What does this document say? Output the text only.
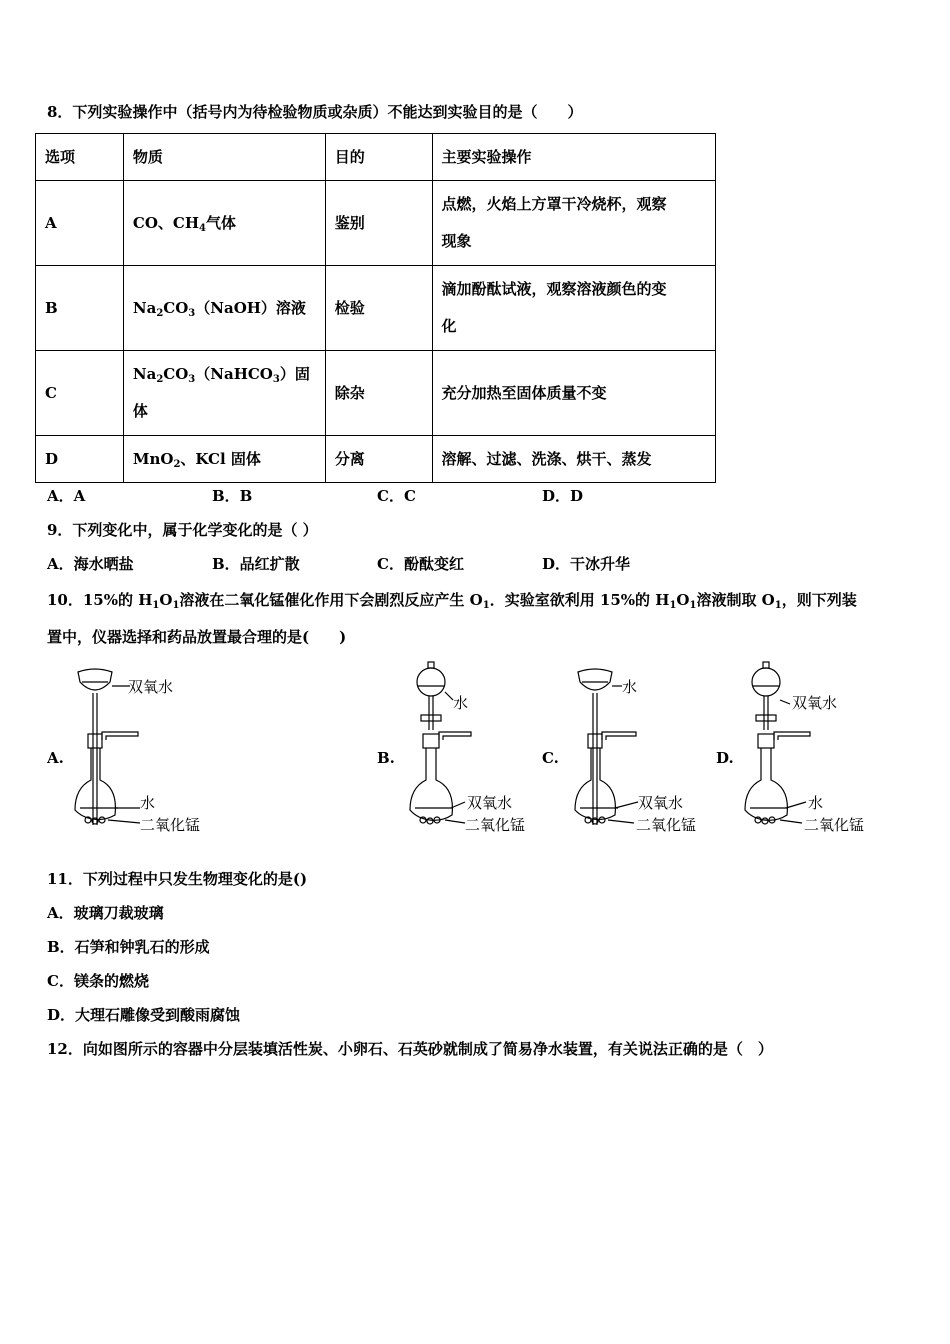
8．下列实验操作中（括号内为待检验物质或杂质）不能达到实验目的是（　　）
选项	物质	目的	主要实验操作
A	CO、$CH_4$气体	鉴别	点燃，火焰上方罩干冷烧杯，观察
现象

B	$Na_2CO_3(NaOH)$溶液	检验	滴加酚酞试液，观察溶液颜色的变
化

C	$Na_2CO_3(NaHCO_3)$固
体	除杂	充分加热至固体质量不变
D	MnO$_2$、KCl 固体	分离	溶解、过滤、洗涤、烘干、蒸发
A．A	B．B	C．C	D．D
9．下列变化中，属于化学变化的是（ ）
A．海水晒盐	B．品红扩散	C．酚酞变红	D．干冰升华
10．15%的 $H_1O_1$溶液在二氧化锰催化作用下会剧烈反应产生 $O_1$．实验室欲利用 15%的 $H_1O_1$溶液制取 $O_1$，则下列装
置中，仪器选择和药品放置最合理的是(　　)
A.
双氧水
水
二氧化锰
B.
水
双氧水
二氧化锰
C.
水
双氧水
二氧化锰
D.
双氧水
水
二氧化锰
11．下列过程中只发生物理变化的是()
A．玻璃刀裁玻璃
B．石笋和钟乳石的形成
C．镁条的燃烧
D．大理石雕像受到酸雨腐蚀
12．向如图所示的容器中分层装填活性炭、小卵石、石英砂就制成了简易净水装置，有关说法正确的是（　）
